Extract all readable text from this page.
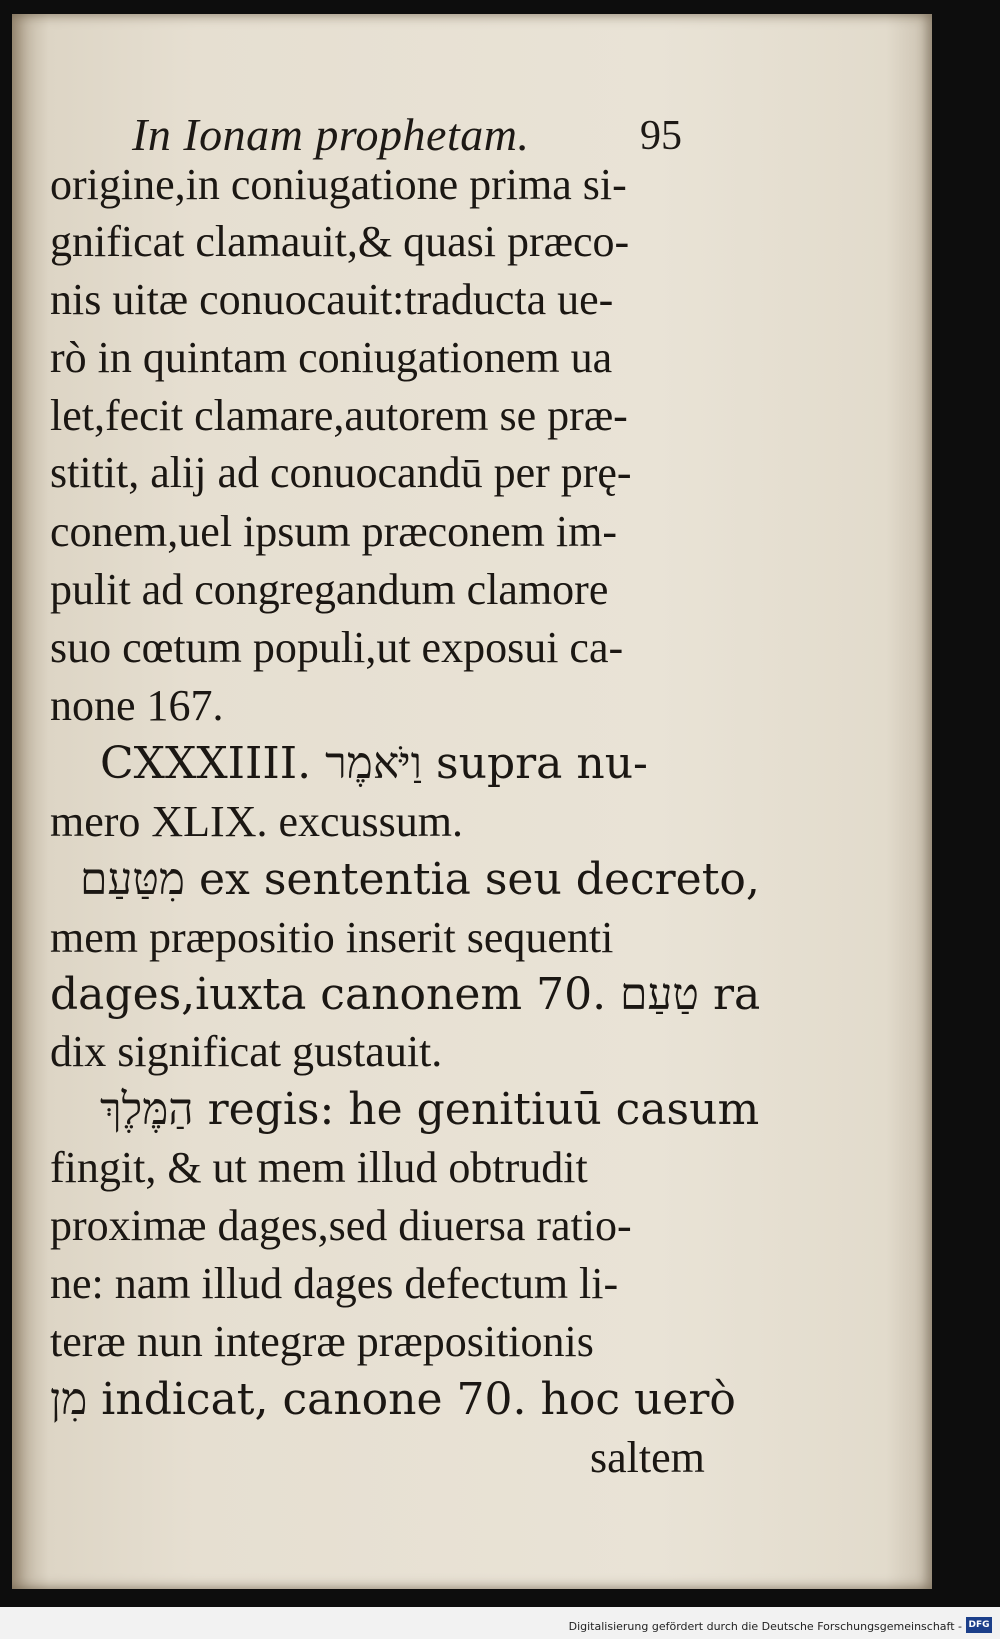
In Ionam prophetam.	95
origine,in coniugatione prima si-
gnificat clamauit,& quasi præco-
nis uitæ conuocauit:traducta ue-
rò in quintam coniugationem ua
let,fecit clamare,autorem se præ-
stitit, alij ad conuocandū per prę-
conem,uel ipsum præconem im-
pulit ad congregandum clamore
suo cœtum populi,ut exposui ca-
none 167.
CXXXIIII. וַיֹּאמֶר supra nu-
mero XLIX. excussum.
מִטַּעַם ex sententia seu decreto,
mem præpositio inserit sequenti
dages,iuxta canonem 70. טַעַם ra
dix significat gustauit.
הַמֶּלֶךְ regis: he genitiuū casum
fingit, & ut mem illud obtrudit
proximæ dages,sed diuersa ratio-
ne: nam illud dages defectum li-
teræ nun integræ præpositionis
מִן indicat, canone 70. hoc uerò
saltem
Digitalisierung gefördert durch die Deutsche Forschungsgemeinschaft - DFG
